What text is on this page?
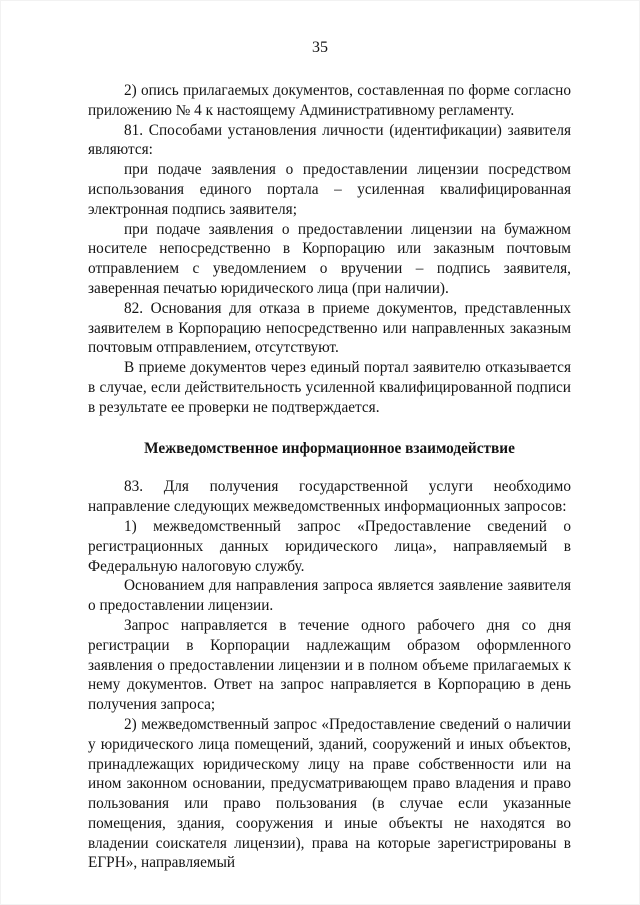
35

2) опись прилагаемых документов, составленная по форме согласно приложению № 4 к настоящему Административному регламенту.

81. Способами установления личности (идентификации) заявителя являются:

при подаче заявления о предоставлении лицензии посредством использования единого портала – усиленная квалифицированная электронная подпись заявителя;

при подаче заявления о предоставлении лицензии на бумажном носителе непосредственно в Корпорацию или заказным почтовым отправлением с уведомлением о вручении – подпись заявителя, заверенная печатью юридического лица (при наличии).

82. Основания для отказа в приеме документов, представленных заявителем в Корпорацию непосредственно или направленных заказным почтовым отправлением, отсутствуют.

В приеме документов через единый портал заявителю отказывается в случае, если действительность усиленной квалифицированной подписи в результате ее проверки не подтверждается.

Межведомственное информационное взаимодействие

83. Для получения государственной услуги необходимо направление следующих межведомственных информационных запросов:

1) межведомственный запрос «Предоставление сведений о регистрационных данных юридического лица», направляемый в Федеральную налоговую службу.

Основанием для направления запроса является заявление заявителя о предоставлении лицензии.

Запрос направляется в течение одного рабочего дня со дня регистрации в Корпорации надлежащим образом оформленного заявления о предоставлении лицензии и в полном объеме прилагаемых к нему документов. Ответ на запрос направляется в Корпорацию в день получения запроса;

2) межведомственный запрос «Предоставление сведений о наличии у юридического лица помещений, зданий, сооружений и иных объектов, принадлежащих юридическому лицу на праве собственности или на ином законном основании, предусматривающем право владения и право пользования или право пользования (в случае если указанные помещения, здания, сооружения и иные объекты не находятся во владении соискателя лицензии), права на которые зарегистрированы в ЕГРН», направляемый
